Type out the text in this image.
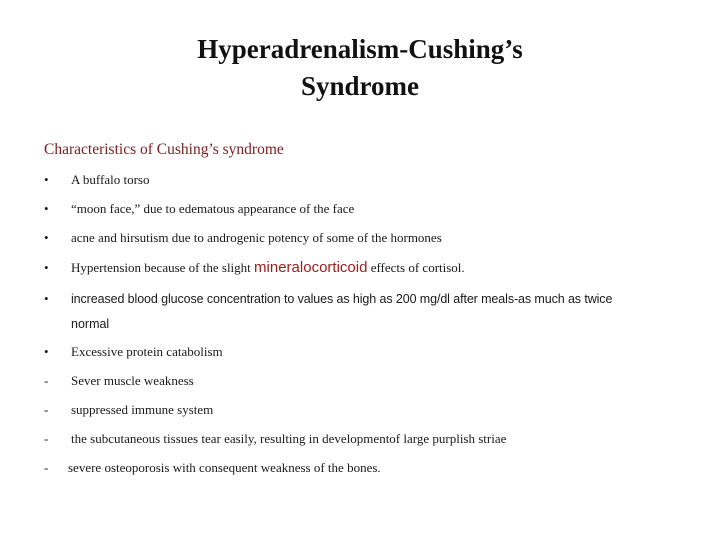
Hyperadrenalism-Cushing’s
Syndrome

Characteristics of Cushing’s syndrome

•	A buffalo torso
•	“moon face,” due to edematous appearance of the face
•	acne and hirsutism due to androgenic potency of some of the hormones
•	Hypertension because of the slight mineralocorticoid effects of cortisol.
•	increased blood glucose concentration to values as high as 200 mg/dl after meals-as much as twice
normal
•	Excessive protein catabolism
-	Sever muscle weakness
-	suppressed immune system
-	the subcutaneous tissues tear easily, resulting in developmentof large purplish striae
-	severe osteoporosis with consequent weakness of the bones.
